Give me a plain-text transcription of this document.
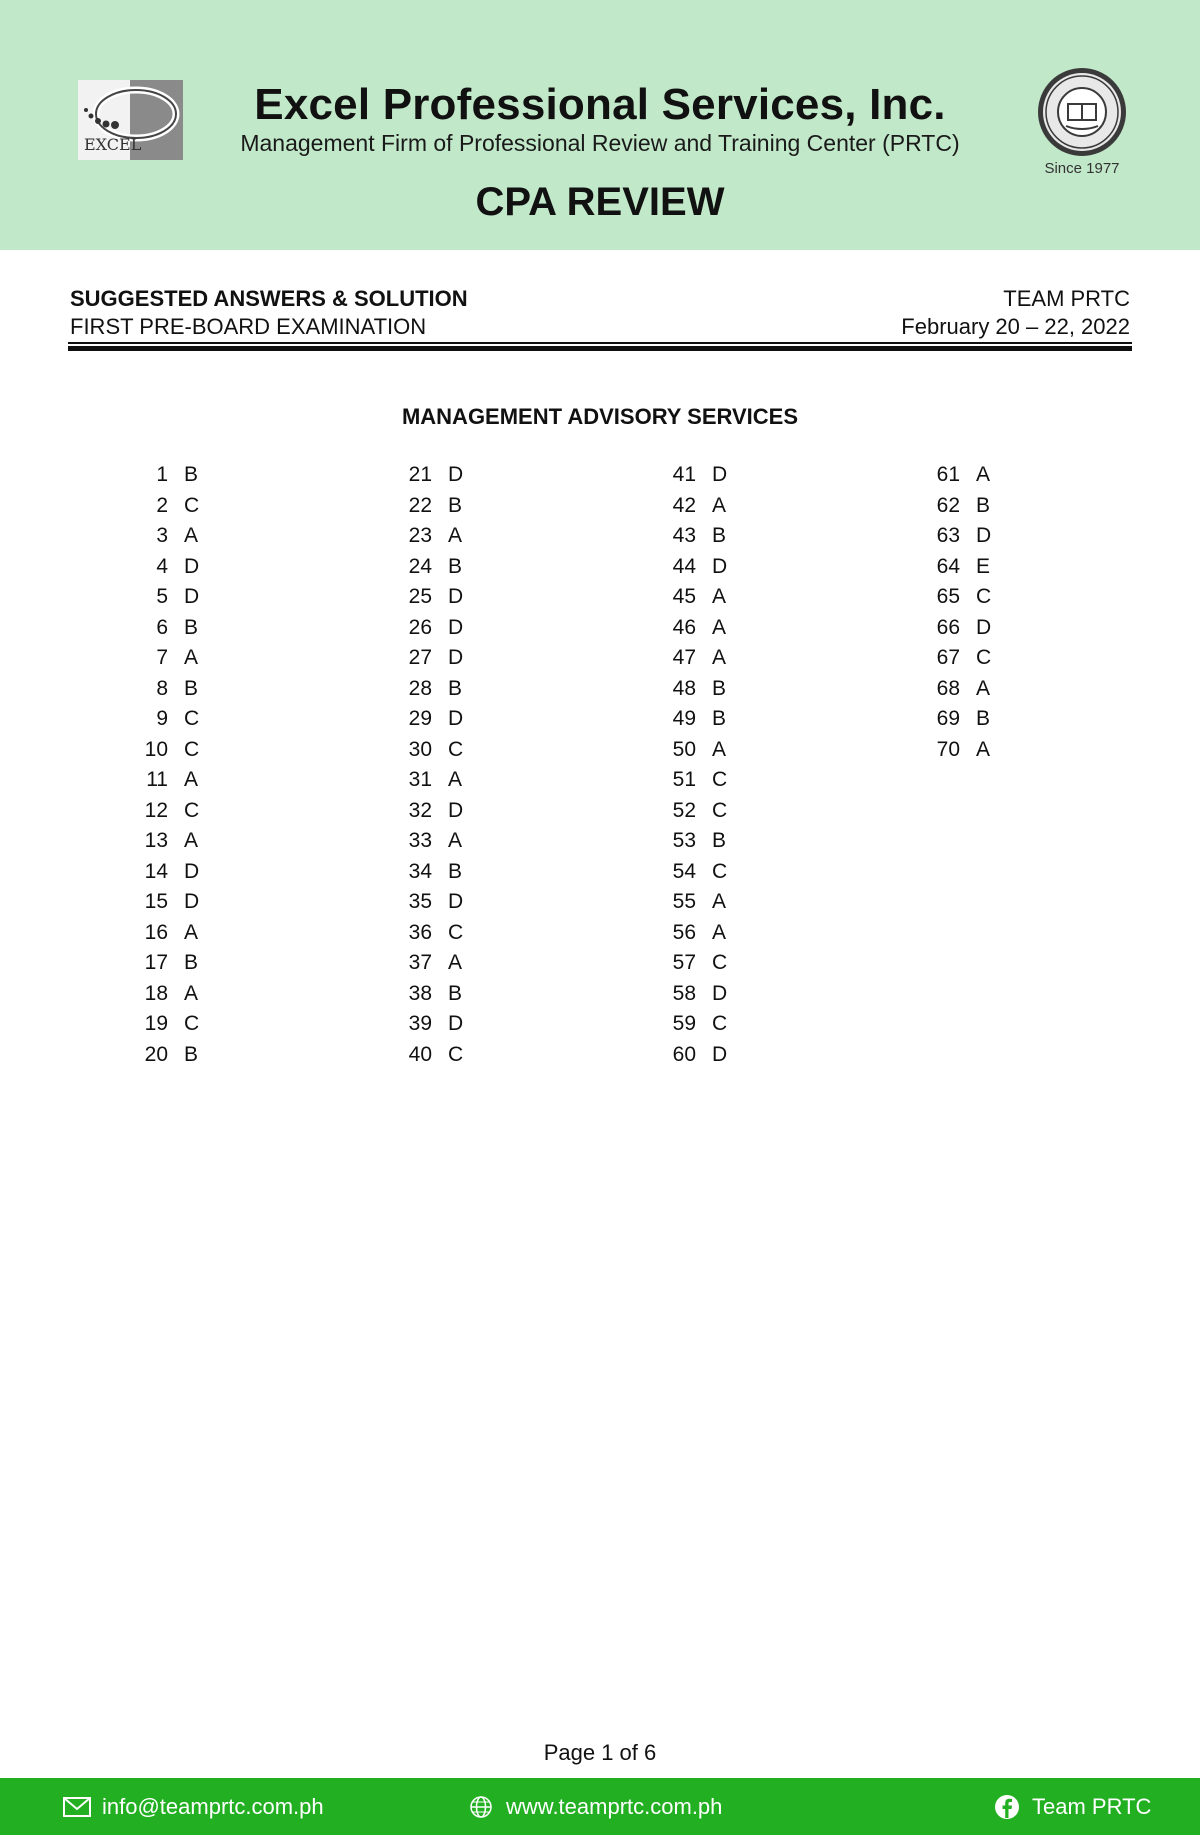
EXCEL
Excel Professional Services, Inc.
Management Firm of Professional Review and Training Center (PRTC)
CPA REVIEW
Since 1977
SUGGESTED ANSWERS & SOLUTION
FIRST PRE-BOARD EXAMINATION
TEAM PRTC
February 20 – 22, 2022
MANAGEMENT ADVISORY SERVICES
1 B
2 C
3 A
4 D
5 D
6 B
7 A
8 B
9 C
10 C
11 A
12 C
13 A
14 D
15 D
16 A
17 B
18 A
19 C
20 B
21 D
22 B
23 A
24 B
25 D
26 D
27 D
28 B
29 D
30 C
31 A
32 D
33 A
34 B
35 D
36 C
37 A
38 B
39 D
40 C
41 D
42 A
43 B
44 D
45 A
46 A
47 A
48 B
49 B
50 A
51 C
52 C
53 B
54 C
55 A
56 A
57 C
58 D
59 C
60 D
61 A
62 B
63 D
64 E
65 C
66 D
67 C
68 A
69 B
70 A
Page 1 of 6
info@teamprtc.com.ph	www.teamprtc.com.ph	Team PRTC
